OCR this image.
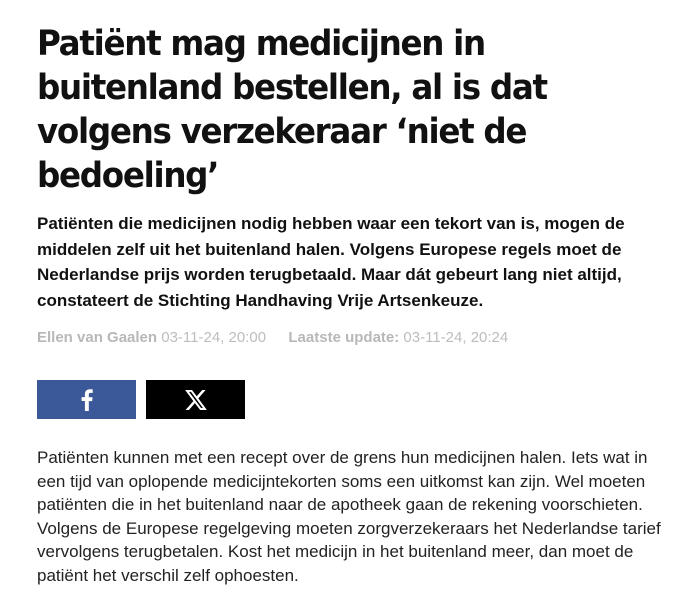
Patiënt mag medicijnen in buitenland bestellen, al is dat volgens verzekeraar ‘niet de bedoeling’

Patiënten die medicijnen nodig hebben waar een tekort van is, mogen de middelen zelf uit het buitenland halen. Volgens Europese regels moet de Nederlandse prijs worden terugbetaald. Maar dát gebeurt lang niet altijd, constateert de Stichting Handhaving Vrije Artsenkeuze.

Ellen van Gaalen 03-11-24, 20:00 Laatste update: 03-11-24, 20:24

Patiënten kunnen met een recept over de grens hun medicijnen halen. Iets wat in een tijd van oplopende medicijntekorten soms een uitkomst kan zijn. Wel moeten patiënten die in het buitenland naar de apotheek gaan de rekening voorschieten. Volgens de Europese regelgeving moeten zorgverzekeraars het Nederlandse tarief vervolgens terugbetalen. Kost het medicijn in het buitenland meer, dan moet de patiënt het verschil zelf ophoesten.
